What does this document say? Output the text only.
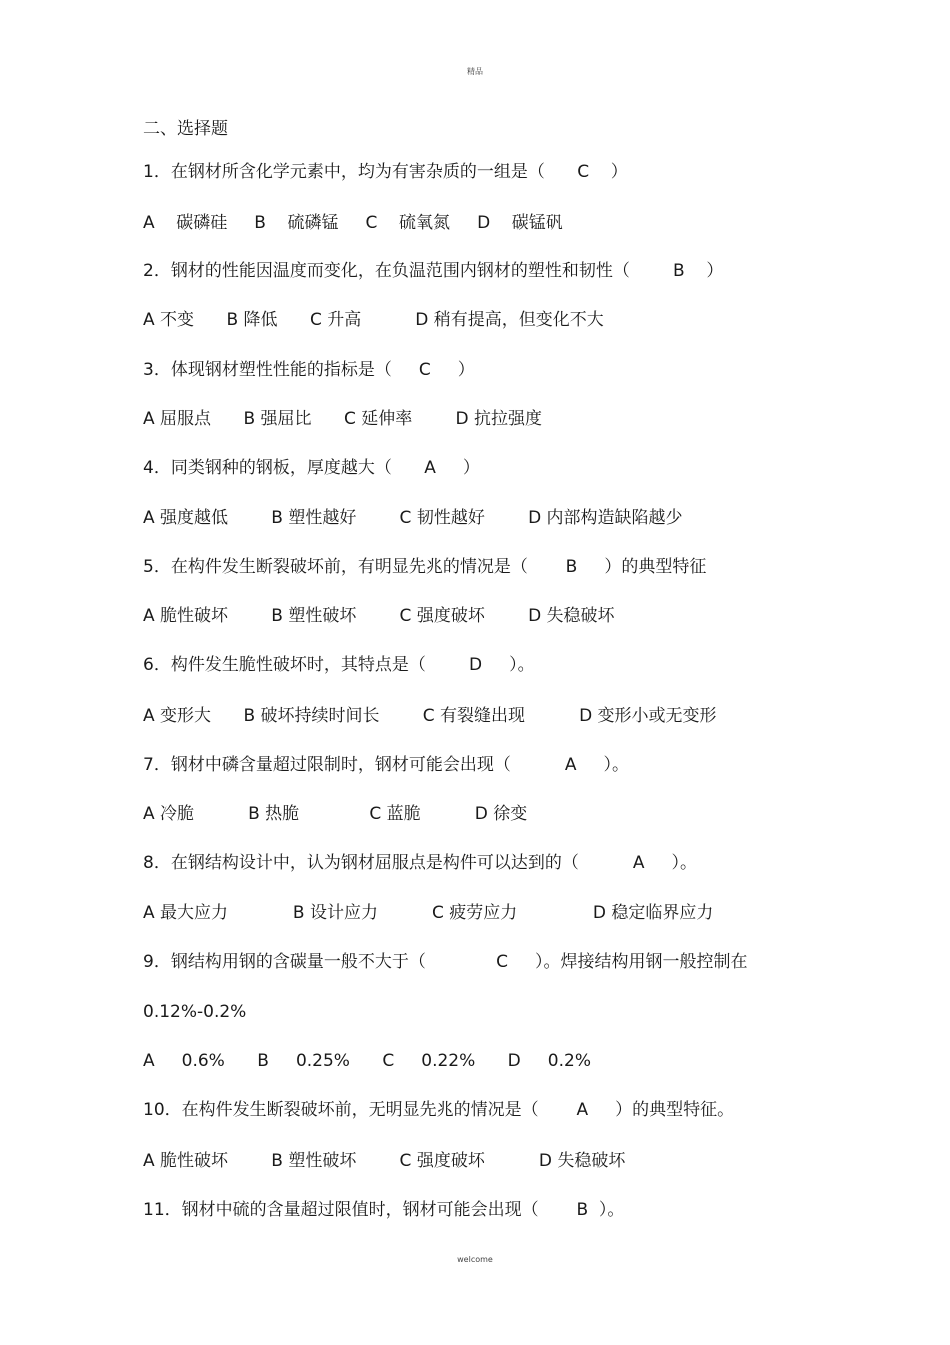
精品
二、选择题
1．在钢材所含化学元素中，均为有害杂质的一组是（      C    ）
A    碳磷硅     B    硫磷锰     C    硫氧氮     D    碳锰矾
2．钢材的性能因温度而变化，在负温范围内钢材的塑性和韧性（        B    ）
A 不变      B 降低      C 升高          D 稍有提高，但变化不大
3．体现钢材塑性性能的指标是（     C     ）
A 屈服点      B 强屈比      C 延伸率        D 抗拉强度
4．同类钢种的钢板，厚度越大（      A     ）
A 强度越低        B 塑性越好        C 韧性越好        D 内部构造缺陷越少
5．在构件发生断裂破坏前，有明显先兆的情况是（       B     ）的典型特征
A 脆性破坏        B 塑性破坏        C 强度破坏        D 失稳破坏
6．构件发生脆性破坏时，其特点是（        D     ）。
A 变形大      B 破坏持续时间长        C 有裂缝出现          D 变形小或无变形
7．钢材中磷含量超过限制时，钢材可能会出现（          A     ）。
A 冷脆          B 热脆             C 蓝脆          D 徐变
8．在钢结构设计中，认为钢材屈服点是构件可以达到的（          A     ）。
A 最大应力            B 设计应力          C 疲劳应力              D 稳定临界应力
9．钢结构用钢的含碳量一般不大于（             C     ）。焊接结构用钢一般控制在
0.12%-0.2%
A     0.6%      B     0.25%      C     0.22%      D     0.2%
10．在构件发生断裂破坏前，无明显先兆的情况是（       A     ）的典型特征。
A 脆性破坏        B 塑性破坏        C 强度破坏          D 失稳破坏
11．钢材中硫的含量超过限值时，钢材可能会出现（       B  ）。
welcome
